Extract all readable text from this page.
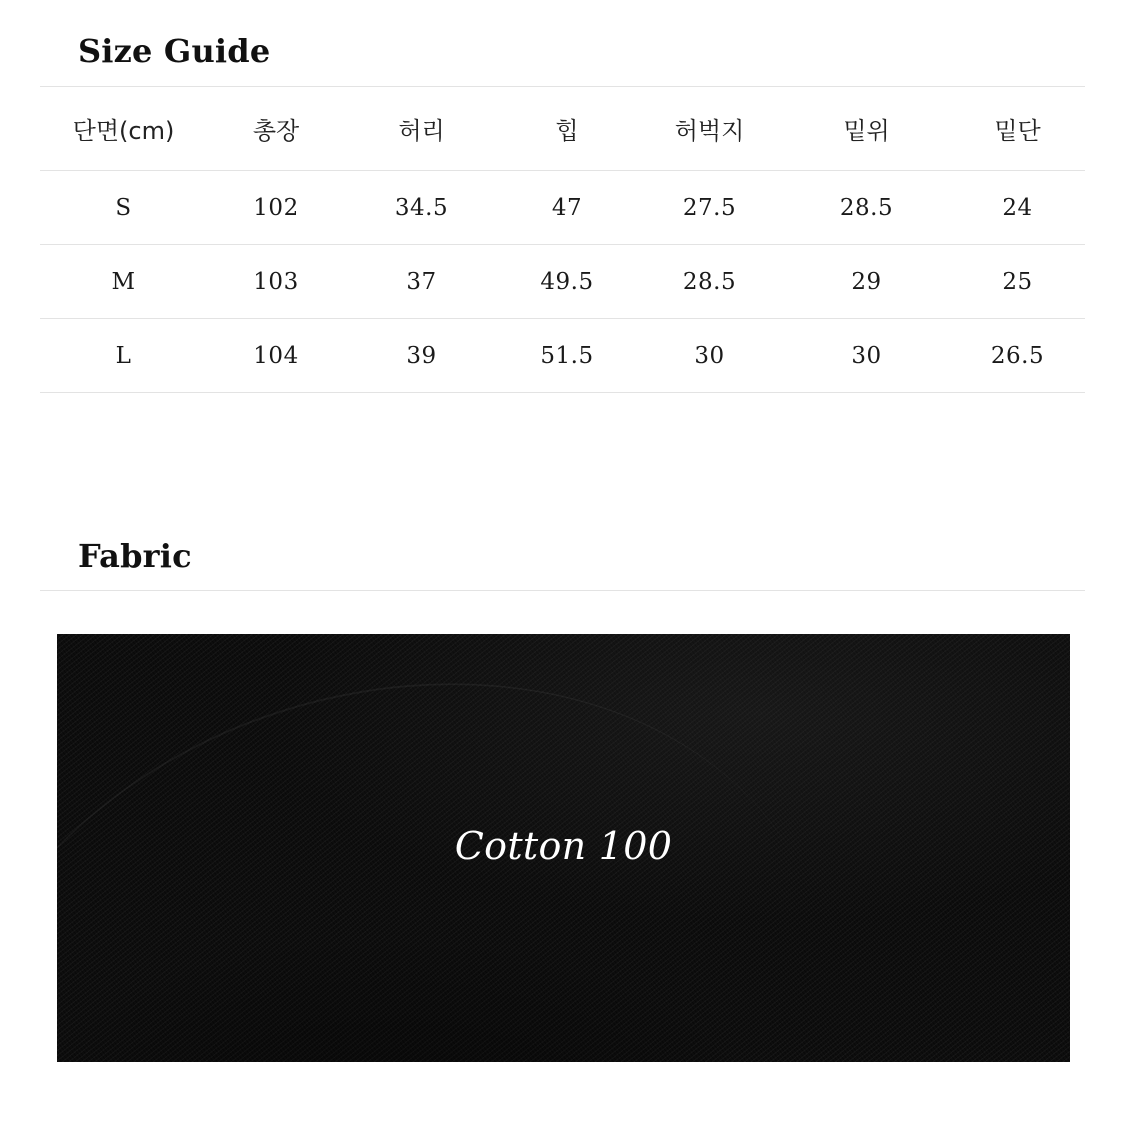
Size Guide
단면(cm)	총장	허리	힙	허벅지	밑위	밑단
S	102	34.5	47	27.5	28.5	24
M	103	37	49.5	28.5	29	25
L	104	39	51.5	30	30	26.5
Fabric
Cotton 100
